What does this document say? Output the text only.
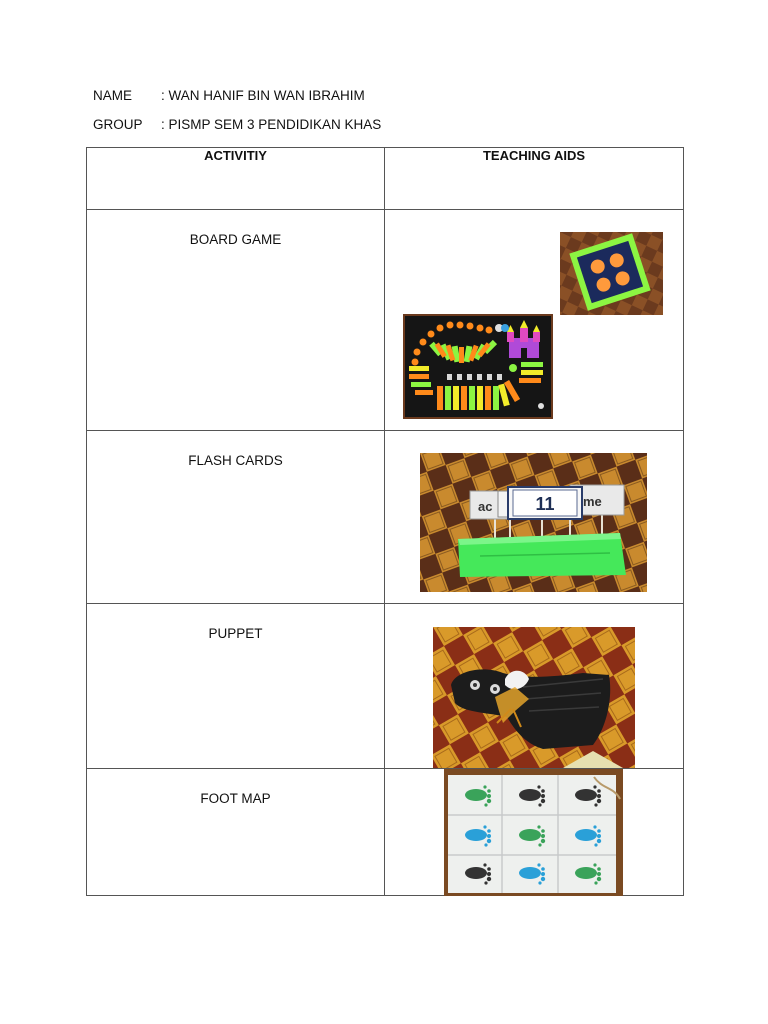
NAME : WAN HANIF BIN WAN IBRAHIM
GROUP : PISMP SEM 3 PENDIDIKAN KHAS
ACTIVITIY	TEACHING AIDS

BOARD GAME

FLASH CARDS	ac me
11

PUPPET

FOOT MAP
